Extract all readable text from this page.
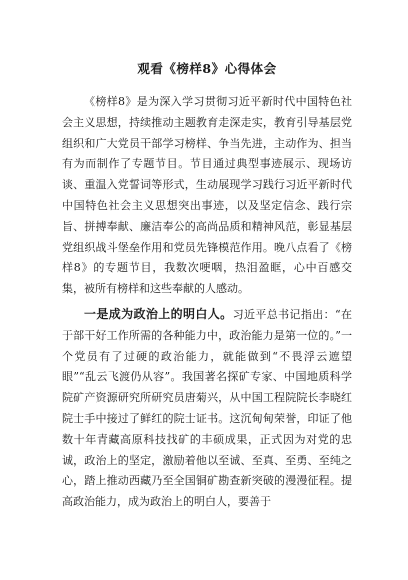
观看《榜样8》心得体会

《榜样8》是为深入学习贯彻习近平新时代中国特色社会主义思想，持续推动主题教育走深走实，教育引导基层党组织和广大党员干部学习榜样、争当先进，主动作为、担当有为而制作了专题节目。节目通过典型事迹展示、现场访谈、重温入党誓词等形式，生动展现学习践行习近平新时代中国特色社会主义思想突出事迹，以及坚定信念、践行宗旨、拼搏奉献、廉洁奉公的高尚品质和精神风范，彰显基层党组织战斗堡垒作用和党员先锋模范作用。晚八点看了《榜样8》的专题节目，我数次哽咽，热泪盈眶，心中百感交集，被所有榜样和这些奉献的人感动。

一是成为政治上的明白人。习近平总书记指出：“在于部干好工作所需的各种能力中，政治能力是第一位的。”一个党员有了过硬的政治能力，就能做到“不畏浮云遮望眼”“乱云飞渡仍从容”。我国著名探矿专家、中国地质科学院矿产资源研究所研究员唐菊兴，从中国工程院院长李晓红院士手中接过了鲜红的院士证书。这沉甸甸荣誉，印证了他数十年青藏高原科技找矿的丰硕成果，正式因为对党的忠诚，政治上的坚定，激励着他以至诚、至真、至勇、至纯之心，踏上推动西藏乃至全国铜矿勘查新突破的漫漫征程。提高政治能力，成为政治上的明白人，要善于
